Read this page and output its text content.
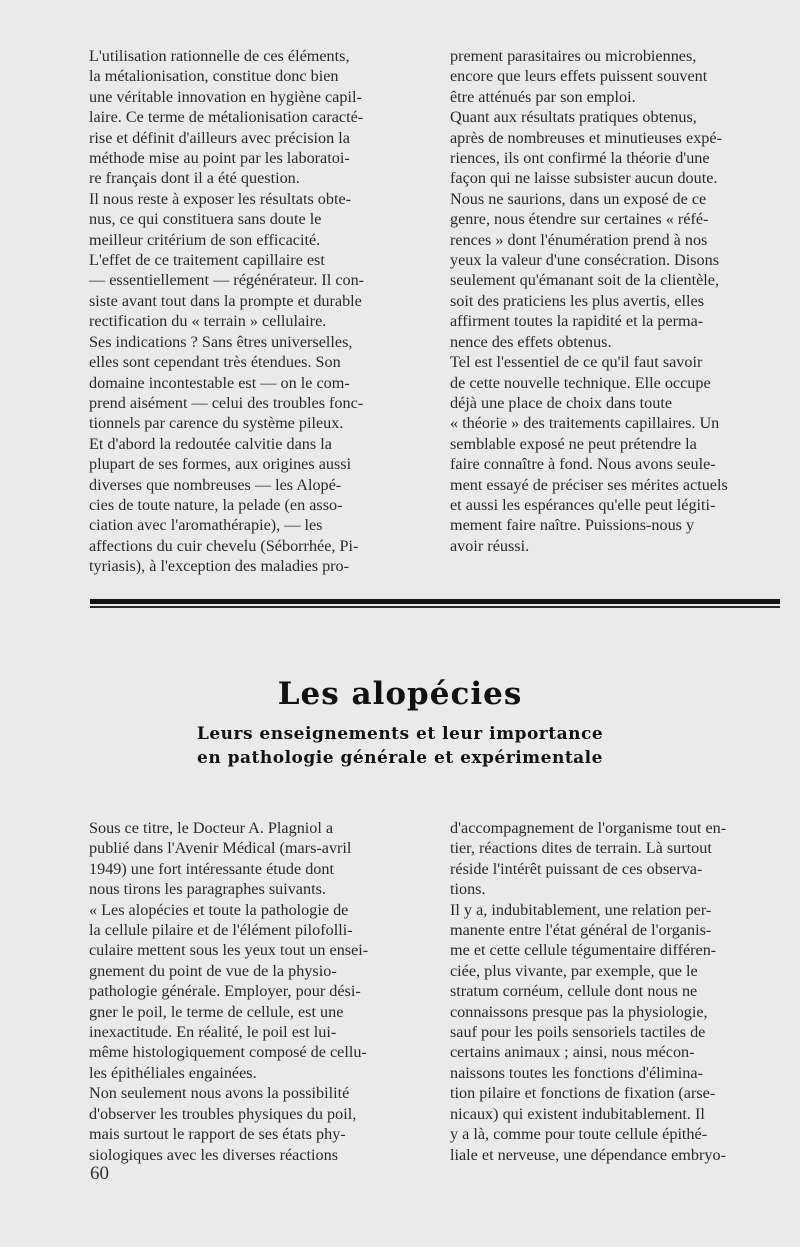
L'utilisation rationnelle de ces éléments,
la métalionisation, constitue donc bien
une véritable innovation en hygiène capil-
laire. Ce terme de métalionisation caracté-
rise et définit d'ailleurs avec précision la
méthode mise au point par les laboratoi-
re français dont il a été question.
Il nous reste à exposer les résultats obte-
nus, ce qui constituera sans doute le
meilleur critérium de son efficacité.
L'effet de ce traitement capillaire est
— essentiellement — régénérateur. Il con-
siste avant tout dans la prompte et durable
rectification du « terrain » cellulaire.
Ses indications ? Sans êtres universelles,
elles sont cependant très étendues. Son
domaine incontestable est — on le com-
prend aisément — celui des troubles fonc-
tionnels par carence du système pileux.
Et d'abord la redoutée calvitie dans la
plupart de ses formes, aux origines aussi
diverses que nombreuses — les Alopé-
cies de toute nature, la pelade (en asso-
ciation avec l'aromathérapie), — les
affections du cuir chevelu (Séborrhée, Pi-
tyriasis), à l'exception des maladies pro-

prement parasitaires ou microbiennes,
encore que leurs effets puissent souvent
être atténués par son emploi.
Quant aux résultats pratiques obtenus,
après de nombreuses et minutieuses expé-
riences, ils ont confirmé la théorie d'une
façon qui ne laisse subsister aucun doute.
Nous ne saurions, dans un exposé de ce
genre, nous étendre sur certaines « réfé-
rences » dont l'énumération prend à nos
yeux la valeur d'une consécration. Disons
seulement qu'émanant soit de la clientèle,
soit des praticiens les plus avertis, elles
affirment toutes la rapidité et la perma-
nence des effets obtenus.
Tel est l'essentiel de ce qu'il faut savoir
de cette nouvelle technique. Elle occupe
déjà une place de choix dans toute
« théorie » des traitements capillaires. Un
semblable exposé ne peut prétendre la
faire connaître à fond. Nous avons seule-
ment essayé de préciser ses mérites actuels
et aussi les espérances qu'elle peut légiti-
mement faire naître. Puissions-nous y
avoir réussi.

Les alopécies
Leurs enseignements et leur importance
en pathologie générale et expérimentale

Sous ce titre, le Docteur A. Plagniol a
publié dans l'Avenir Médical (mars-avril
1949) une fort intéressante étude dont
nous tirons les paragraphes suivants.
« Les alopécies et toute la pathologie de
la cellule pilaire et de l'élément pilofolli-
culaire mettent sous les yeux tout un ensei-
gnement du point de vue de la physio-
pathologie générale. Employer, pour dési-
gner le poil, le terme de cellule, est une
inexactitude. En réalité, le poil est lui-
même histologiquement composé de cellu-
les épithéliales engainées.
Non seulement nous avons la possibilité
d'observer les troubles physiques du poil,
mais surtout le rapport de ses états phy-
siologiques avec les diverses réactions

d'accompagnement de l'organisme tout en-
tier, réactions dites de terrain. Là surtout
réside l'intérêt puissant de ces observa-
tions.
Il y a, indubitablement, une relation per-
manente entre l'état général de l'organis-
me et cette cellule tégumentaire différen-
ciée, plus vivante, par exemple, que le
stratum cornéum, cellule dont nous ne
connaissons presque pas la physiologie,
sauf pour les poils sensoriels tactiles de
certains animaux ; ainsi, nous mécon-
naissons toutes les fonctions d'élimina-
tion pilaire et fonctions de fixation (arse-
nicaux) qui existent indubitablement. Il
y a là, comme pour toute cellule épithé-
liale et nerveuse, une dépendance embryo-

60
